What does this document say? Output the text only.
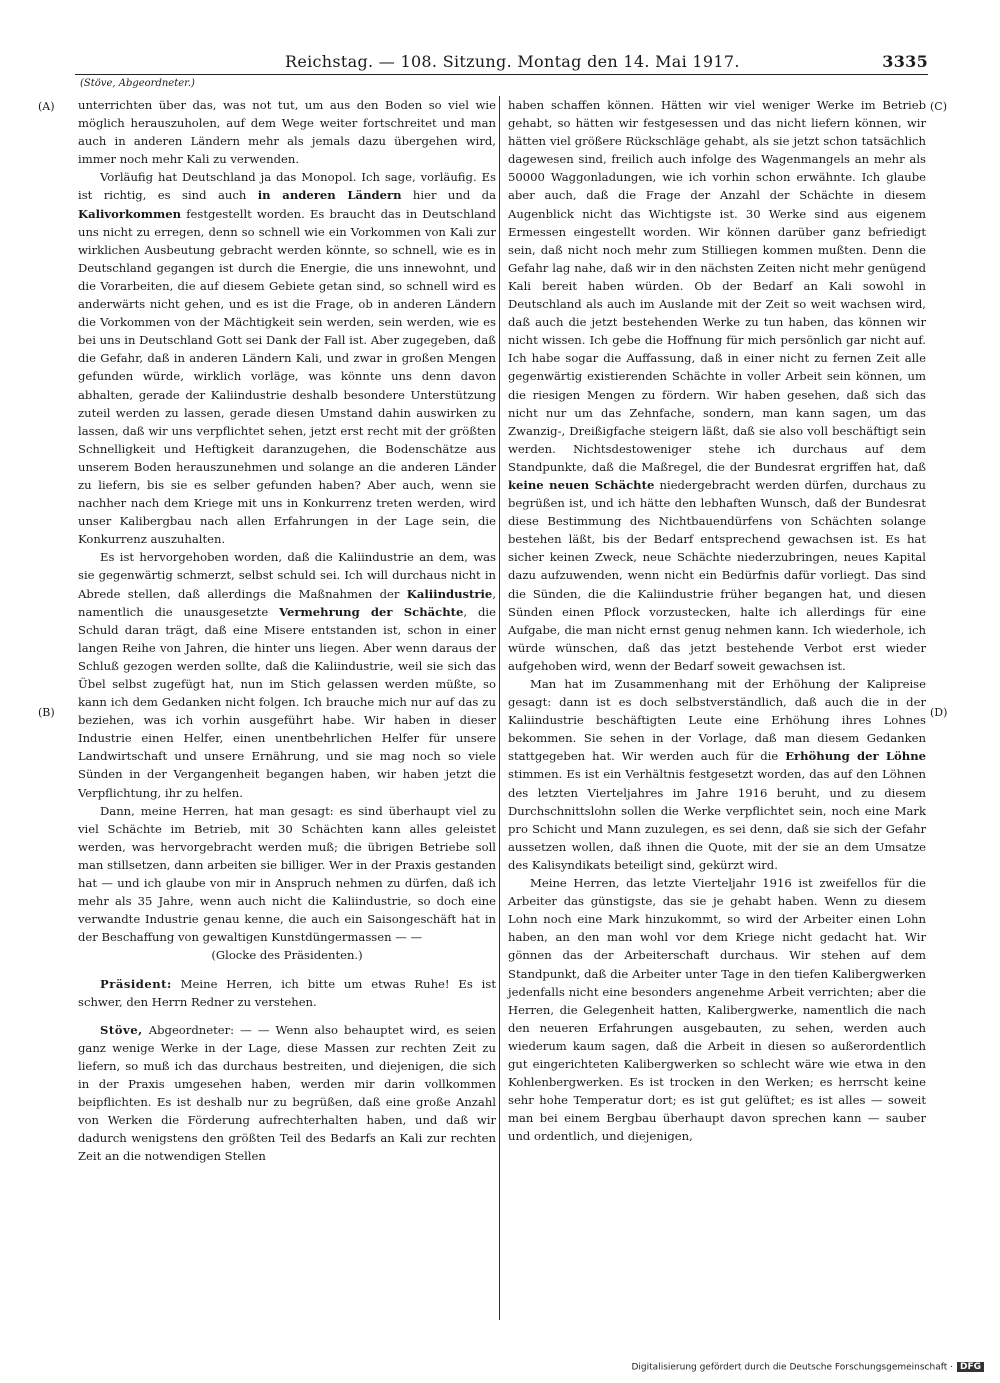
Reichstag. — 108. Sitzung. Montag den 14. Mai 1917.	3335
(Stöve, Abgeordneter.)
(A)
(B)
(C)
(D)

unterrichten über das, was not tut, um aus den Boden so viel wie möglich herauszuholen, auf dem Wege weiter fortschreitet und man auch in anderen Ländern mehr als jemals dazu übergehen wird, immer noch mehr Kali zu verwenden.

Vorläufig hat Deutschland ja das Monopol. Ich sage, vorläufig. Es ist richtig, es sind auch in anderen Ländern hier und da Kalivorkommen festgestellt worden. Es braucht das in Deutschland uns nicht zu erregen, denn so schnell wie ein Vorkommen von Kali zur wirklichen Ausbeutung gebracht werden könnte, so schnell, wie es in Deutschland gegangen ist durch die Energie, die uns innewohnt, und die Vorarbeiten, die auf diesem Gebiete getan sind, so schnell wird es anderwärts nicht gehen, und es ist die Frage, ob in anderen Ländern die Vorkommen von der Mächtigkeit sein werden, sein werden, wie es bei uns in Deutschland Gott sei Dank der Fall ist. Aber zugegeben, daß die Gefahr, daß in anderen Ländern Kali, und zwar in großen Mengen gefunden würde, wirklich vorläge, was könnte uns denn davon abhalten, gerade der Kaliindustrie deshalb besondere Unterstützung zuteil werden zu lassen, gerade diesen Umstand dahin auswirken zu lassen, daß wir uns verpflichtet sehen, jetzt erst recht mit der größten Schnelligkeit und Heftigkeit daranzugehen, die Bodenschätze aus unserem Boden herauszunehmen und solange an die anderen Länder zu liefern, bis sie es selber gefunden haben? Aber auch, wenn sie nachher nach dem Kriege mit uns in Konkurrenz treten werden, wird unser Kalibergbau nach allen Erfahrungen in der Lage sein, die Konkurrenz auszuhalten.

Es ist hervorgehoben worden, daß die Kaliindustrie an dem, was sie gegenwärtig schmerzt, selbst schuld sei. Ich will durchaus nicht in Abrede stellen, daß allerdings die Maßnahmen der Kaliindustrie, namentlich die unausgesetzte Vermehrung der Schächte, die Schuld daran trägt, daß eine Misere entstanden ist, schon in einer langen Reihe von Jahren, die hinter uns liegen. Aber wenn daraus der Schluß gezogen werden sollte, daß die Kaliindustrie, weil sie sich das Übel selbst zugefügt hat, nun im Stich gelassen werden müßte, so kann ich dem Gedanken nicht folgen. Ich brauche mich nur auf das zu beziehen, was ich vorhin ausgeführt habe. Wir haben in dieser Industrie einen Helfer, einen unentbehrlichen Helfer für unsere Landwirtschaft und unsere Ernährung, und sie mag noch so viele Sünden in der Vergangenheit begangen haben, wir haben jetzt die Verpflichtung, ihr zu helfen.

Dann, meine Herren, hat man gesagt: es sind überhaupt viel zu viel Schächte im Betrieb, mit 30 Schächten kann alles geleistet werden, was hervorgebracht werden muß; die übrigen Betriebe soll man stillsetzen, dann arbeiten sie billiger. Wer in der Praxis gestanden hat — und ich glaube von mir in Anspruch nehmen zu dürfen, daß ich mehr als 35 Jahre, wenn auch nicht die Kaliindustrie, so doch eine verwandte Industrie genau kenne, die auch ein Saisongeschäft hat in der Beschaffung von gewaltigen Kunstdüngermassen — —

(Glocke des Präsidenten.)

Präsident: Meine Herren, ich bitte um etwas Ruhe! Es ist schwer, den Herrn Redner zu verstehen.

Stöve, Abgeordneter: — — Wenn also behauptet wird, es seien ganz wenige Werke in der Lage, diese Massen zur rechten Zeit zu liefern, so muß ich das durchaus bestreiten, und diejenigen, die sich in der Praxis umgesehen haben, werden mir darin vollkommen beipflichten. Es ist deshalb nur zu begrüßen, daß eine große Anzahl von Werken die Förderung aufrechterhalten haben, und daß wir dadurch wenigstens den größten Teil des Bedarfs an Kali zur rechten Zeit an die notwendigen Stellen

haben schaffen können. Hätten wir viel weniger Werke im Betrieb gehabt, so hätten wir festgesessen und das nicht liefern können, wir hätten viel größere Rückschläge gehabt, als sie jetzt schon tatsächlich dagewesen sind, freilich auch infolge des Wagenmangels an mehr als 50000 Waggonladungen, wie ich vorhin schon erwähnte. Ich glaube aber auch, daß die Frage der Anzahl der Schächte in diesem Augenblick nicht das Wichtigste ist. 30 Werke sind aus eigenem Ermessen eingestellt worden. Wir können darüber ganz befriedigt sein, daß nicht noch mehr zum Stilliegen kommen mußten. Denn die Gefahr lag nahe, daß wir in den nächsten Zeiten nicht mehr genügend Kali bereit haben würden. Ob der Bedarf an Kali sowohl in Deutschland als auch im Auslande mit der Zeit so weit wachsen wird, daß auch die jetzt bestehenden Werke zu tun haben, das können wir nicht wissen. Ich gebe die Hoffnung für mich persönlich gar nicht auf. Ich habe sogar die Auffassung, daß in einer nicht zu fernen Zeit alle gegenwärtig existierenden Schächte in voller Arbeit sein können, um die riesigen Mengen zu fördern. Wir haben gesehen, daß sich das nicht nur um das Zehnfache, sondern, man kann sagen, um das Zwanzig-, Dreißigfache steigern läßt, daß sie also voll beschäftigt sein werden. Nichtsdestoweniger stehe ich durchaus auf dem Standpunkte, daß die Maßregel, die der Bundesrat ergriffen hat, daß keine neuen Schächte niedergebracht werden dürfen, durchaus zu begrüßen ist, und ich hätte den lebhaften Wunsch, daß der Bundesrat diese Bestimmung des Nichtbauendürfens von Schächten solange bestehen läßt, bis der Bedarf entsprechend gewachsen ist. Es hat sicher keinen Zweck, neue Schächte niederzubringen, neues Kapital dazu aufzuwenden, wenn nicht ein Bedürfnis dafür vorliegt. Das sind die Sünden, die die Kaliindustrie früher begangen hat, und diesen Sünden einen Pflock vorzustecken, halte ich allerdings für eine Aufgabe, die man nicht ernst genug nehmen kann. Ich wiederhole, ich würde wünschen, daß das jetzt bestehende Verbot erst wieder aufgehoben wird, wenn der Bedarf soweit gewachsen ist.

Man hat im Zusammenhang mit der Erhöhung der Kalipreise gesagt: dann ist es doch selbstverständlich, daß auch die in der Kaliindustrie beschäftigten Leute eine Erhöhung ihres Lohnes bekommen. Sie sehen in der Vorlage, daß man diesem Gedanken stattgegeben hat. Wir werden auch für die Erhöhung der Löhne stimmen. Es ist ein Verhältnis festgesetzt worden, das auf den Löhnen des letzten Vierteljahres im Jahre 1916 beruht, und zu diesem Durchschnittslohn sollen die Werke verpflichtet sein, noch eine Mark pro Schicht und Mann zuzulegen, es sei denn, daß sie sich der Gefahr aussetzen wollen, daß ihnen die Quote, mit der sie an dem Umsatze des Kalisyndikats beteiligt sind, gekürzt wird.

Meine Herren, das letzte Vierteljahr 1916 ist zweifellos für die Arbeiter das günstigste, das sie je gehabt haben. Wenn zu diesem Lohn noch eine Mark hinzukommt, so wird der Arbeiter einen Lohn haben, an den man wohl vor dem Kriege nicht gedacht hat. Wir gönnen das der Arbeiterschaft durchaus. Wir stehen auf dem Standpunkt, daß die Arbeiter unter Tage in den tiefen Kalibergwerken jedenfalls nicht eine besonders angenehme Arbeit verrichten; aber die Herren, die Gelegenheit hatten, Kalibergwerke, namentlich die nach den neueren Erfahrungen ausgebauten, zu sehen, werden auch wiederum kaum sagen, daß die Arbeit in diesen so außerordentlich gut eingerichteten Kalibergwerken so schlecht wäre wie etwa in den Kohlenbergwerken. Es ist trocken in den Werken; es herrscht keine sehr hohe Temperatur dort; es ist gut gelüftet; es ist alles — soweit man bei einem Bergbau überhaupt davon sprechen kann — sauber und ordentlich, und diejenigen,

Digitalisierung gefördert durch die Deutsche Forschungsgemeinschaft · DFG
